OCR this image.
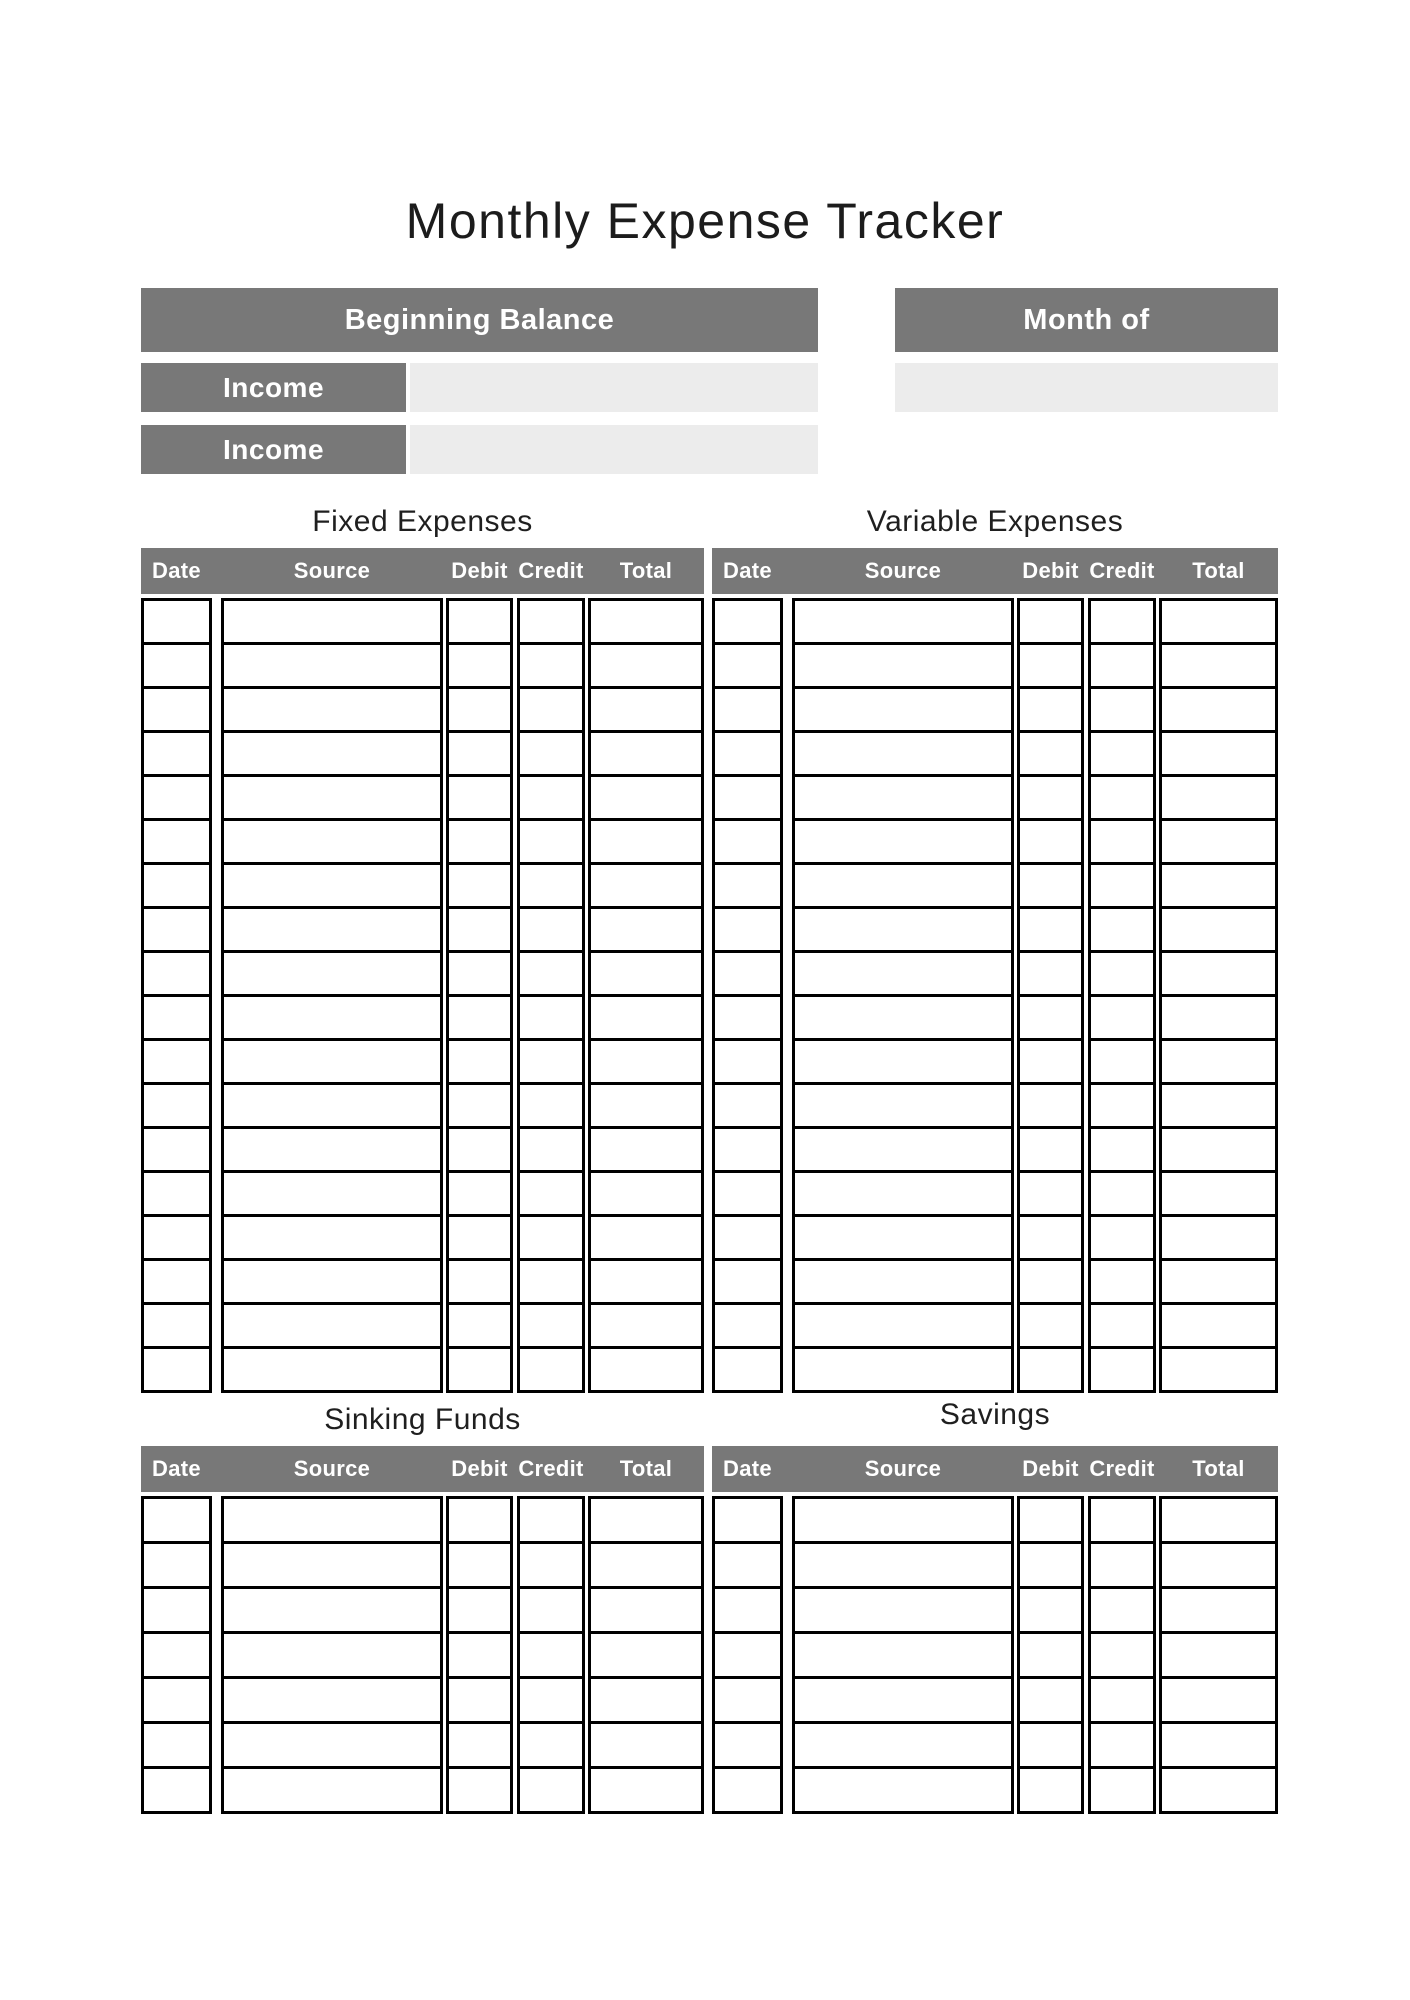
Monthly Expense Tracker
Beginning Balance	Month of
Income
Income
Fixed Expenses	Variable Expenses
Sinking Funds	Savings
Date	Source	Debit Credit	Total	Date	Source	Debit Credit	Total
Date	Source	Debit Credit	Total	Date	Source	Debit Credit	Total
